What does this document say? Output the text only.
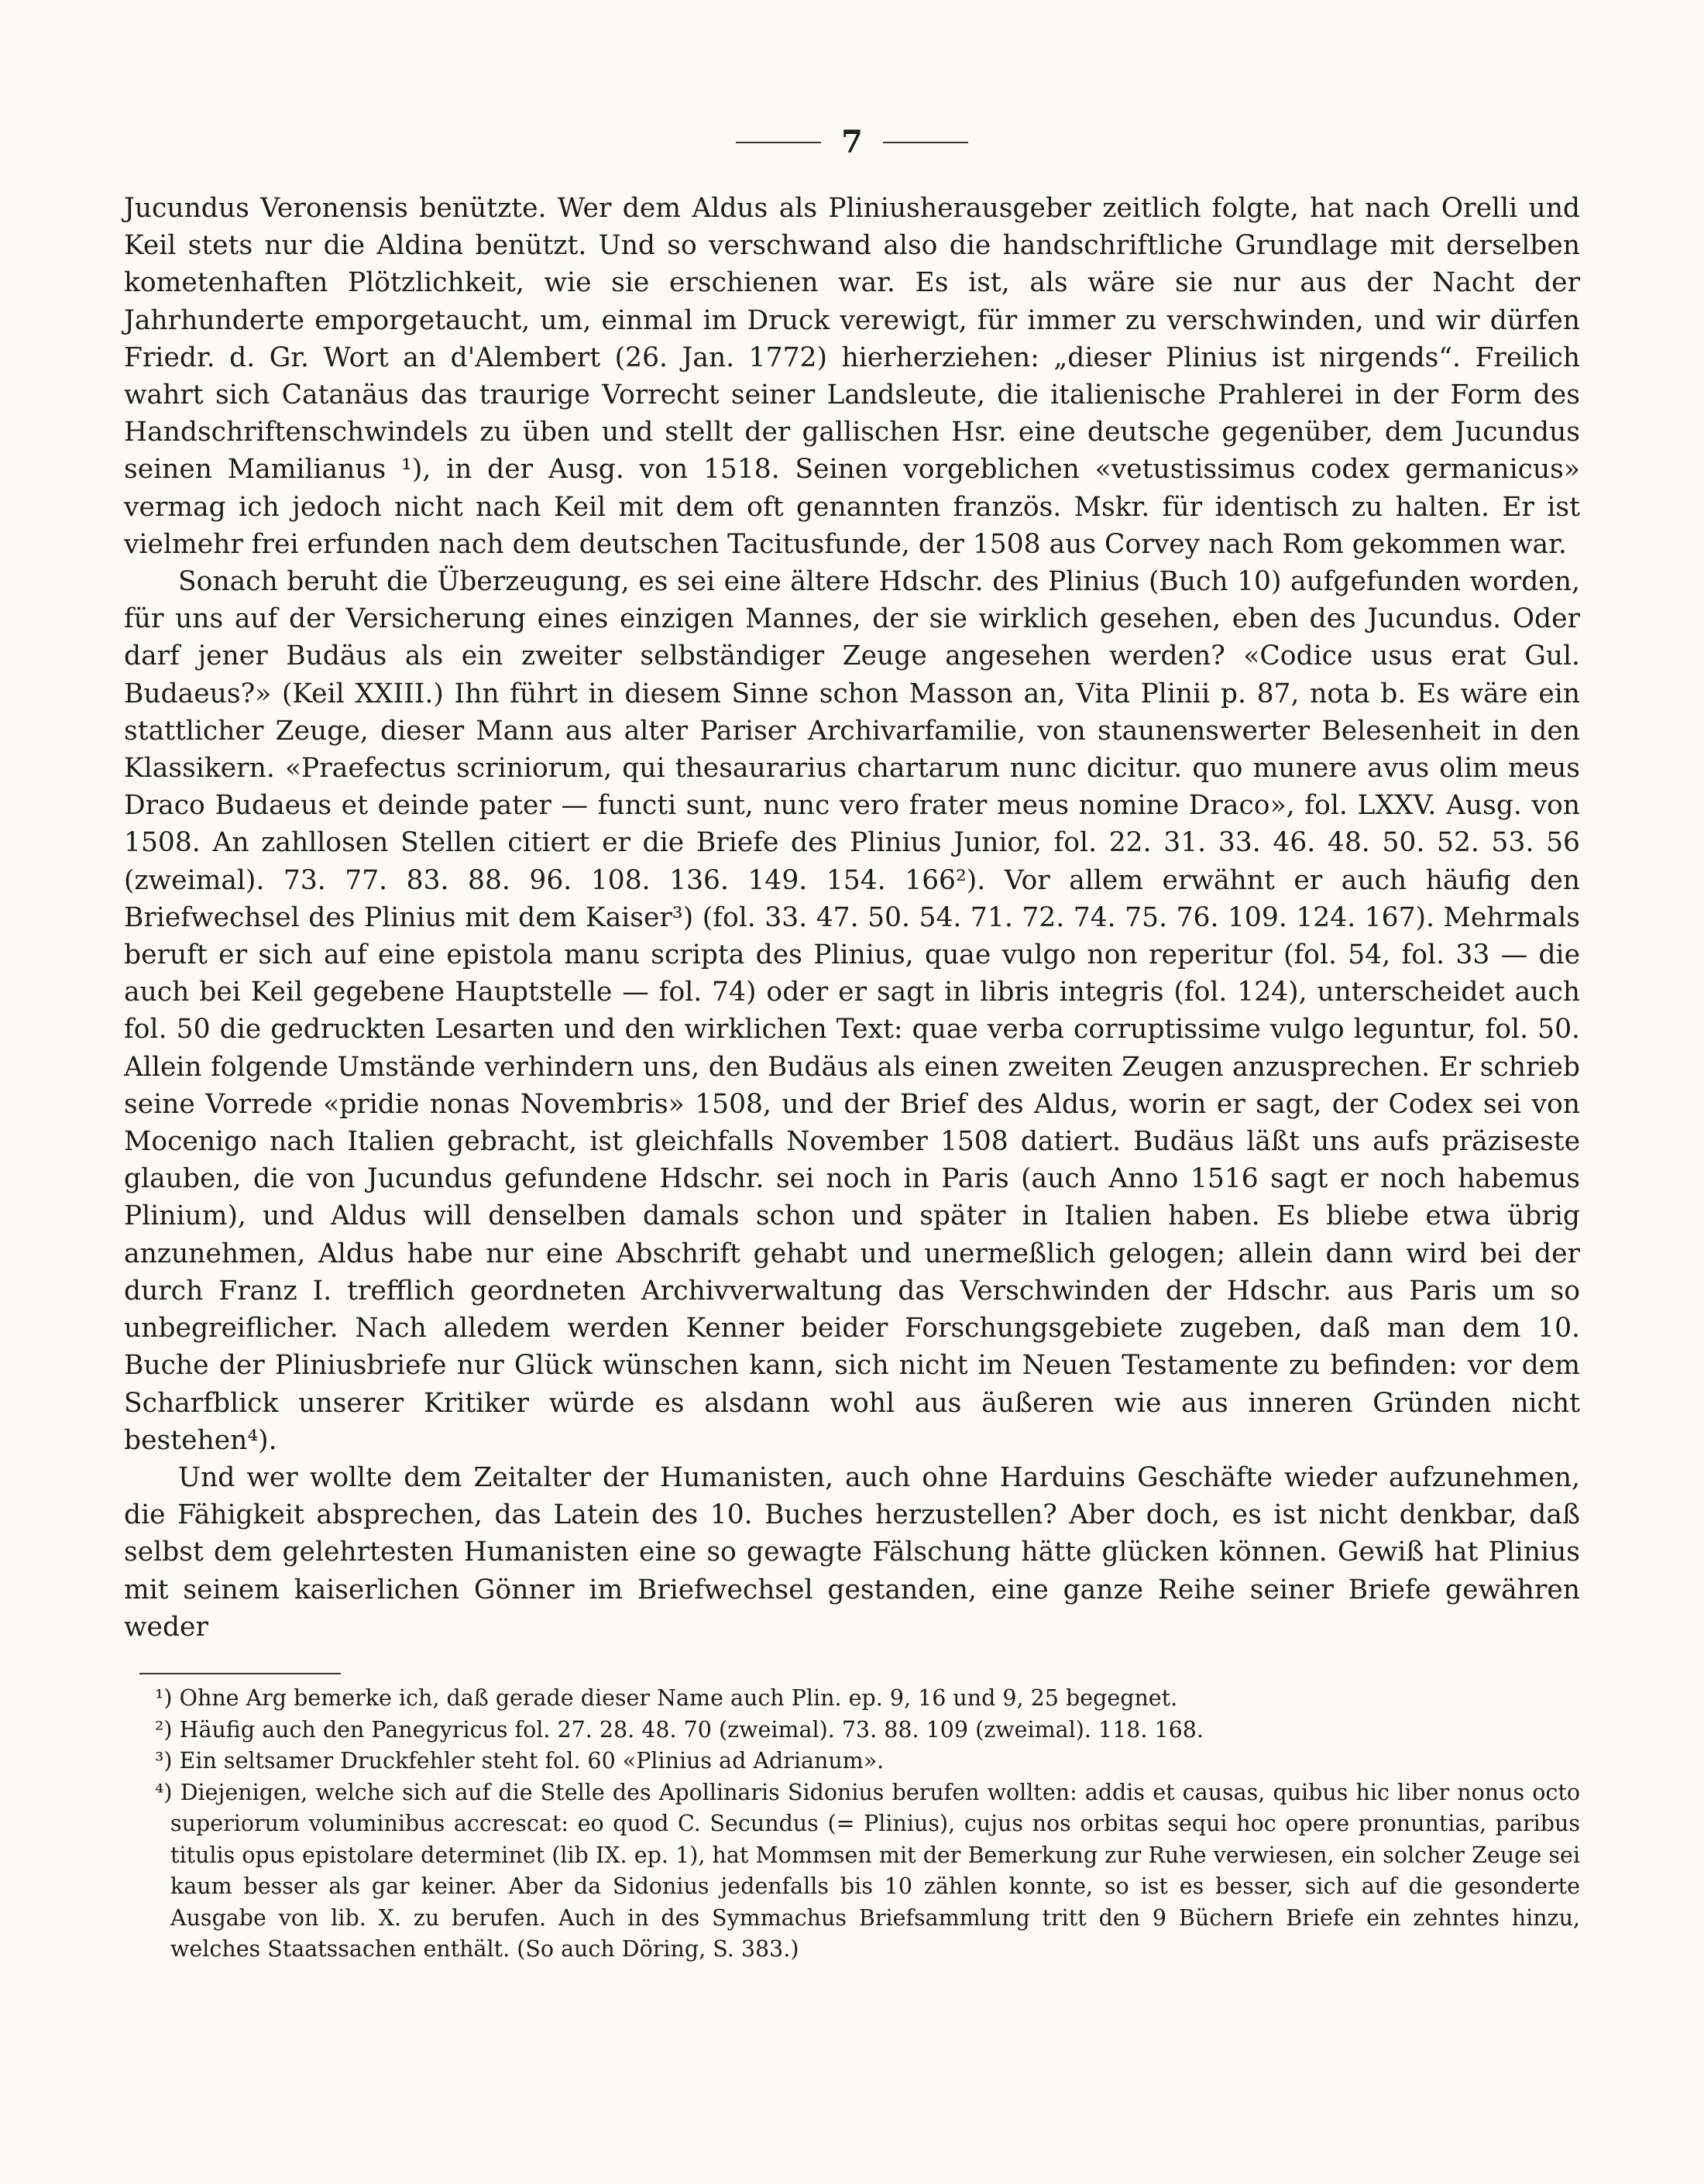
7

Jucundus Veronensis benützte. Wer dem Aldus als Pliniusherausgeber zeitlich folgte, hat nach Orelli und Keil stets nur die Aldina benützt. Und so verschwand also die handschriftliche Grundlage mit derselben kometenhaften Plötzlichkeit, wie sie erschienen war. Es ist, als wäre sie nur aus der Nacht der Jahrhunderte emporgetaucht, um, einmal im Druck verewigt, für immer zu verschwinden, und wir dürfen Friedr. d. Gr. Wort an d'Alembert (26. Jan. 1772) hierherziehen: „dieser Plinius ist nirgends“. Freilich wahrt sich Catanäus das traurige Vorrecht seiner Landsleute, die italienische Prahlerei in der Form des Handschriftenschwindels zu üben und stellt der gallischen Hsr. eine deutsche gegenüber, dem Jucundus seinen Mamilianus ¹), in der Ausg. von 1518. Seinen vorgeblichen «vetustissimus codex germanicus» vermag ich jedoch nicht nach Keil mit dem oft genannten französ. Mskr. für identisch zu halten. Er ist vielmehr frei erfunden nach dem deutschen Tacitusfunde, der 1508 aus Corvey nach Rom gekommen war.

Sonach beruht die Überzeugung, es sei eine ältere Hdschr. des Plinius (Buch 10) aufgefunden worden, für uns auf der Versicherung eines einzigen Mannes, der sie wirklich gesehen, eben des Jucundus. Oder darf jener Budäus als ein zweiter selbständiger Zeuge angesehen werden? «Codice usus erat Gul. Budaeus?» (Keil XXIII.) Ihn führt in diesem Sinne schon Masson an, Vita Plinii p. 87, nota b. Es wäre ein stattlicher Zeuge, dieser Mann aus alter Pariser Archivarfamilie, von staunenswerter Belesenheit in den Klassikern. «Praefectus scriniorum, qui thesaurarius chartarum nunc dicitur. quo munere avus olim meus Draco Budaeus et deinde pater — functi sunt, nunc vero frater meus nomine Draco», fol. LXXV. Ausg. von 1508. An zahllosen Stellen citiert er die Briefe des Plinius Junior, fol. 22. 31. 33. 46. 48. 50. 52. 53. 56 (zweimal). 73. 77. 83. 88. 96. 108. 136. 149. 154. 166²). Vor allem erwähnt er auch häufig den Briefwechsel des Plinius mit dem Kaiser³) (fol. 33. 47. 50. 54. 71. 72. 74. 75. 76. 109. 124. 167). Mehrmals beruft er sich auf eine epistola manu scripta des Plinius, quae vulgo non reperitur (fol. 54, fol. 33 — die auch bei Keil gegebene Hauptstelle — fol. 74) oder er sagt in libris integris (fol. 124), unterscheidet auch fol. 50 die gedruckten Lesarten und den wirklichen Text: quae verba corruptissime vulgo leguntur, fol. 50. Allein folgende Umstände verhindern uns, den Budäus als einen zweiten Zeugen anzusprechen. Er schrieb seine Vorrede «pridie nonas Novembris» 1508, und der Brief des Aldus, worin er sagt, der Codex sei von Mocenigo nach Italien gebracht, ist gleichfalls November 1508 datiert. Budäus läßt uns aufs präziseste glauben, die von Jucundus gefundene Hdschr. sei noch in Paris (auch Anno 1516 sagt er noch habemus Plinium), und Aldus will denselben damals schon und später in Italien haben. Es bliebe etwa übrig anzunehmen, Aldus habe nur eine Abschrift gehabt und unermeßlich gelogen; allein dann wird bei der durch Franz I. trefflich geordneten Archivverwaltung das Verschwinden der Hdschr. aus Paris um so unbegreiflicher. Nach alledem werden Kenner beider Forschungsgebiete zugeben, daß man dem 10. Buche der Pliniusbriefe nur Glück wünschen kann, sich nicht im Neuen Testamente zu befinden: vor dem Scharfblick unserer Kritiker würde es alsdann wohl aus äußeren wie aus inneren Gründen nicht bestehen⁴).

Und wer wollte dem Zeitalter der Humanisten, auch ohne Harduins Geschäfte wieder aufzunehmen, die Fähigkeit absprechen, das Latein des 10. Buches herzustellen? Aber doch, es ist nicht denkbar, daß selbst dem gelehrtesten Humanisten eine so gewagte Fälschung hätte glücken können. Gewiß hat Plinius mit seinem kaiserlichen Gönner im Briefwechsel gestanden, eine ganze Reihe seiner Briefe gewähren weder

¹) Ohne Arg bemerke ich, daß gerade dieser Name auch Plin. ep. 9, 16 und 9, 25 begegnet.

²) Häufig auch den Panegyricus fol. 27. 28. 48. 70 (zweimal). 73. 88. 109 (zweimal). 118. 168.

³) Ein seltsamer Druckfehler steht fol. 60 «Plinius ad Adrianum».

⁴) Diejenigen, welche sich auf die Stelle des Apollinaris Sidonius berufen wollten: addis et causas, quibus hic liber nonus octo superiorum voluminibus accrescat: eo quod C. Secundus (= Plinius), cujus nos orbitas sequi hoc opere pronuntias, paribus titulis opus epistolare determinet (lib IX. ep. 1), hat Mommsen mit der Bemerkung zur Ruhe verwiesen, ein solcher Zeuge sei kaum besser als gar keiner. Aber da Sidonius jedenfalls bis 10 zählen konnte, so ist es besser, sich auf die gesonderte Ausgabe von lib. X. zu berufen. Auch in des Symmachus Briefsammlung tritt den 9 Büchern Briefe ein zehntes hinzu, welches Staatssachen enthält. (So auch Döring, S. 383.)
